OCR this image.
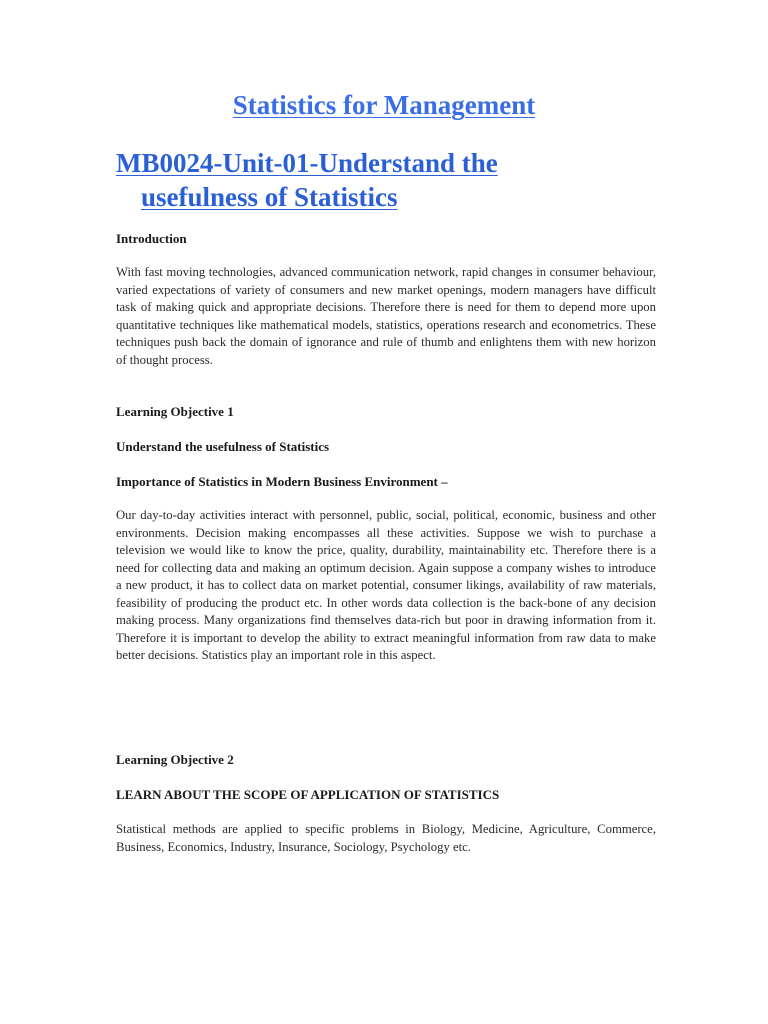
Statistics for Management
MB0024-Unit-01-Understand the
usefulness of Statistics

Introduction

With fast moving technologies, advanced communication network, rapid changes in consumer behaviour, varied expectations of variety of consumers and new market openings, modern managers have difficult task of making quick and appropriate decisions. Therefore there is need for them to depend more upon quantitative techniques like mathematical models, statistics, operations research and econometrics. These techniques push back the domain of ignorance and rule of thumb and enlightens them with new horizon of thought process.

Learning Objective 1

Understand the usefulness of Statistics

Importance of Statistics in Modern Business Environment –

Our day-to-day activities interact with personnel, public, social, political, economic, business and other environments. Decision making encompasses all these activities. Suppose we wish to purchase a television we would like to know the price, quality, durability, maintainability etc. Therefore there is a need for collecting data and making an optimum decision. Again suppose a company wishes to introduce a new product, it has to collect data on market potential, consumer likings, availability of raw materials, feasibility of producing the product etc. In other words data collection is the back-bone of any decision making process. Many organizations find themselves data-rich but poor in drawing information from it. Therefore it is important to develop the ability to extract meaningful information from raw data to make better decisions. Statistics play an important role in this aspect.

Learning Objective 2

LEARN ABOUT THE SCOPE OF APPLICATION OF STATISTICS

Statistical methods are applied to specific problems in Biology, Medicine, Agriculture, Commerce, Business, Economics, Industry, Insurance, Sociology, Psychology etc.
